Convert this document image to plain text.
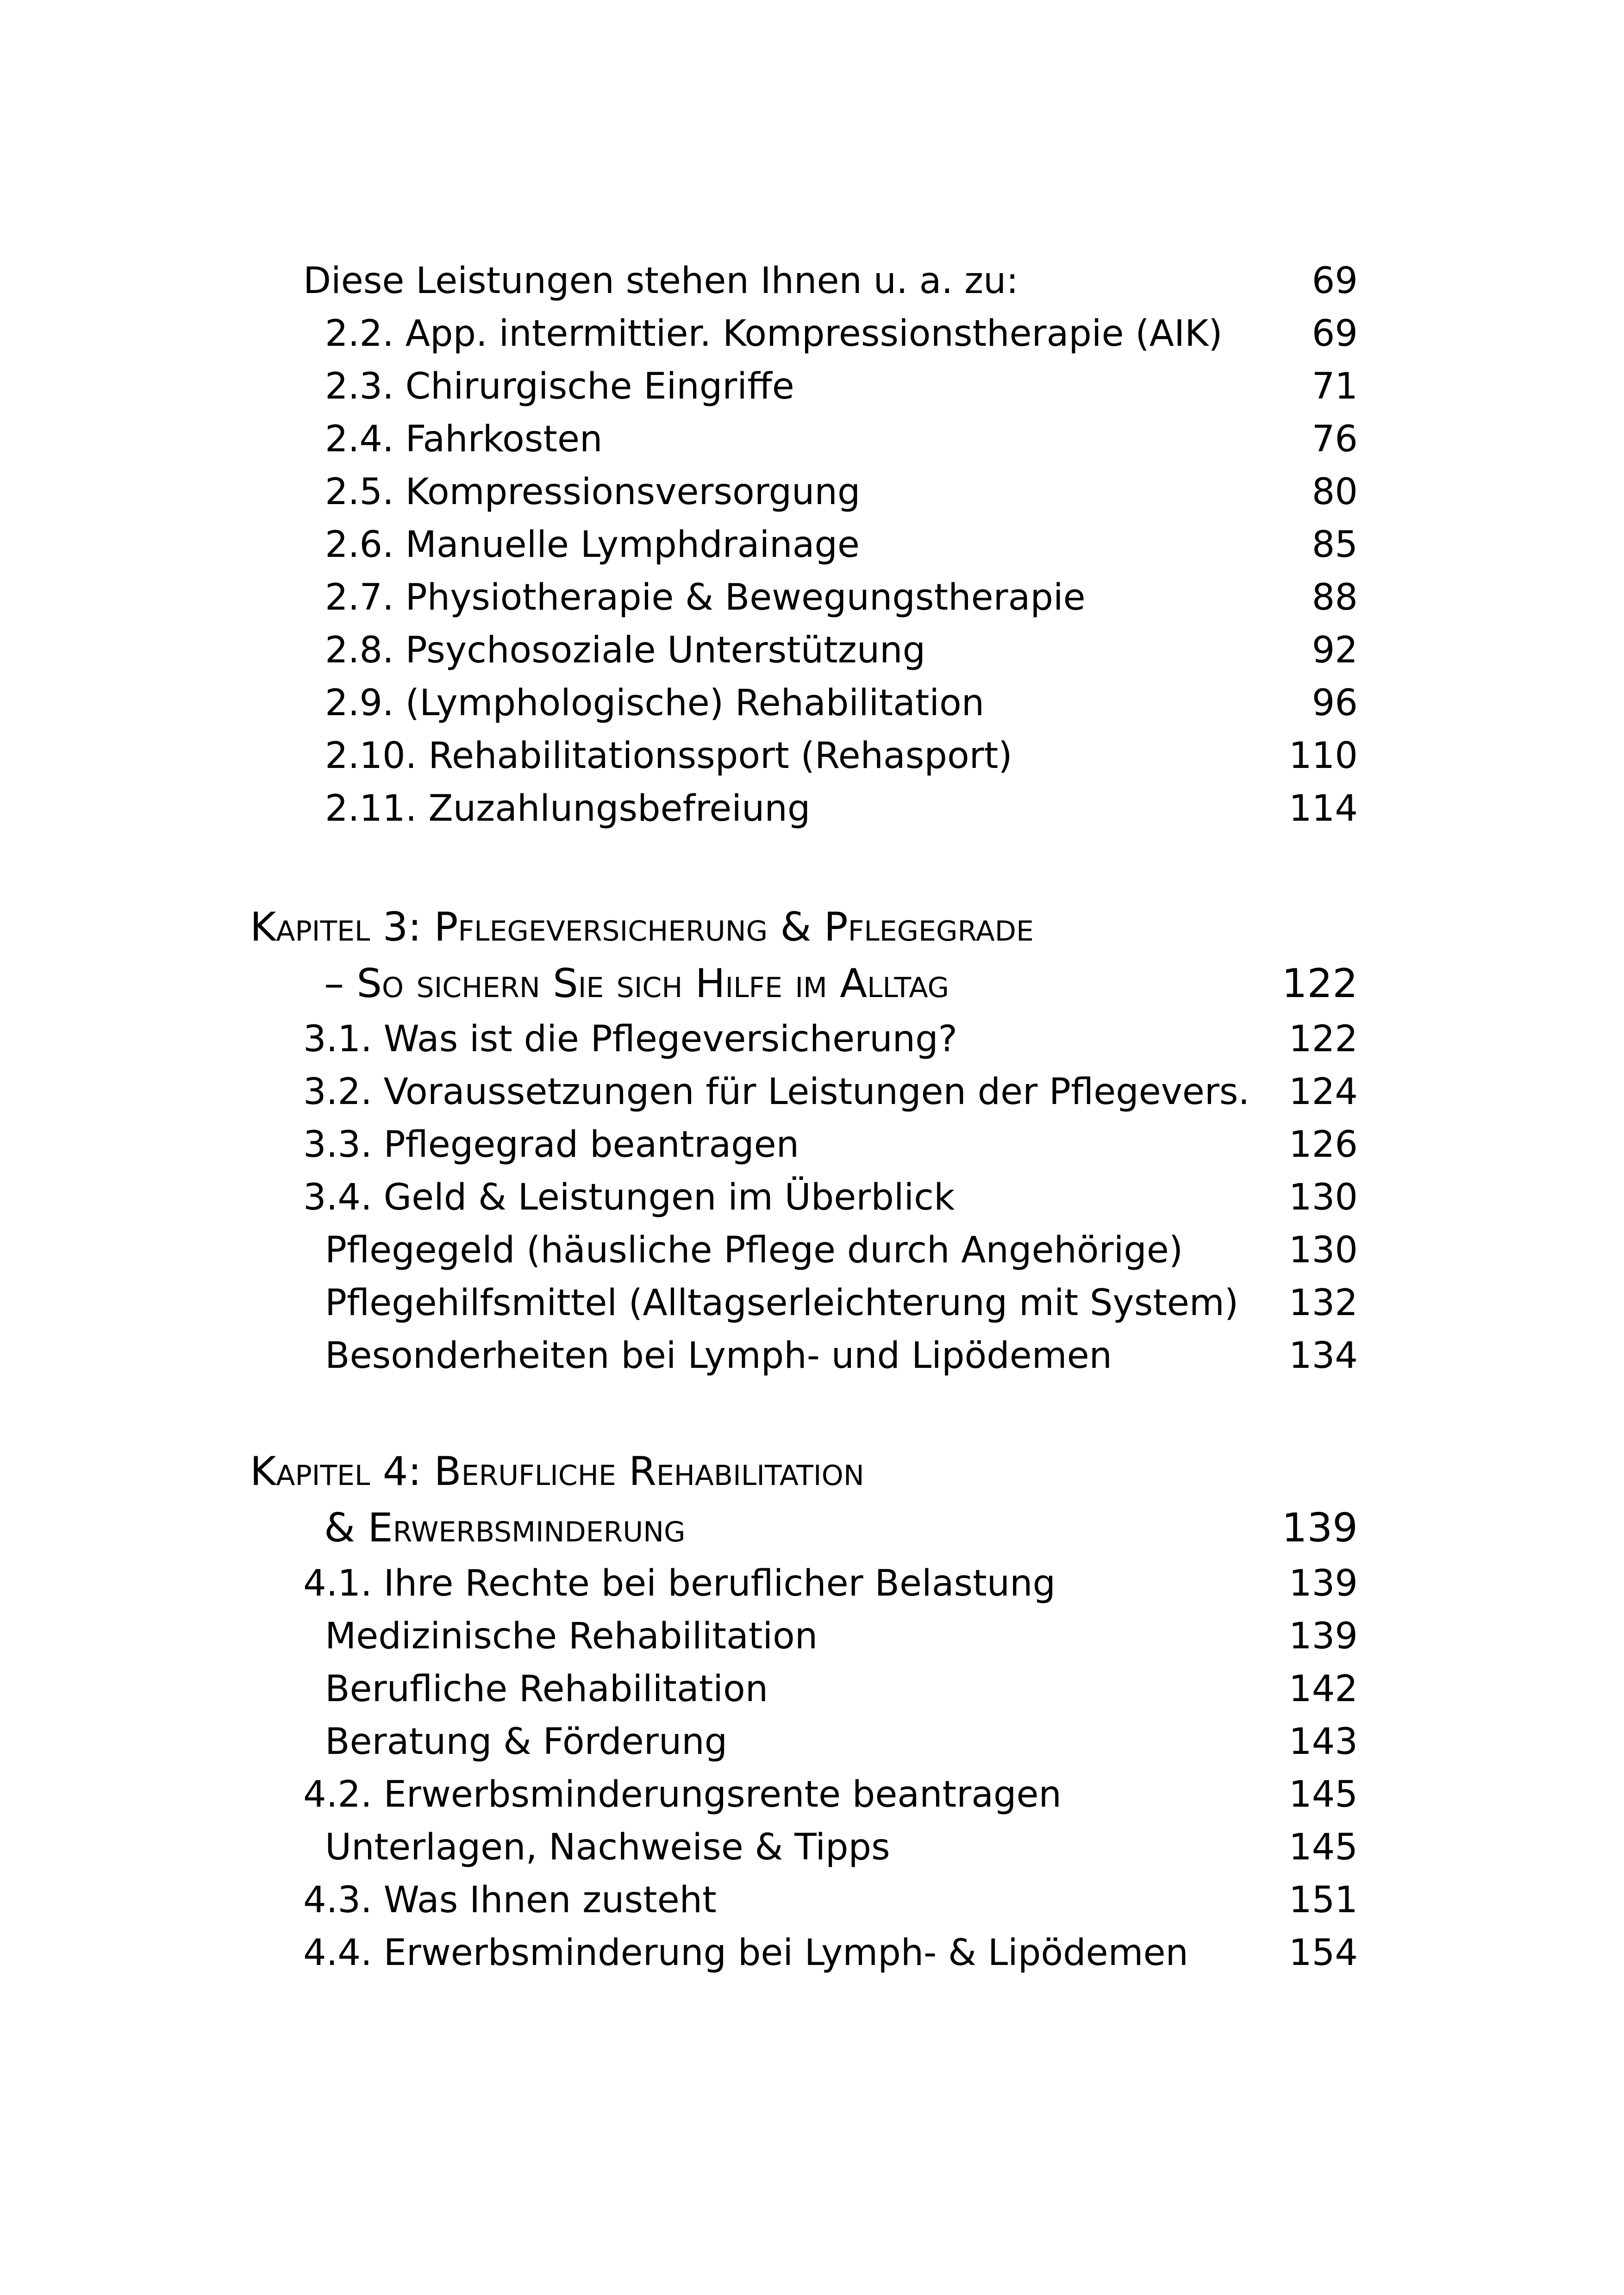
Diese Leistungen stehen Ihnen u. a. zu:	69
2.2. App. intermittier. Kompressionstherapie (AIK) 69
2.3. Chirurgische Eingriffe	71
2.4. Fahrkosten	76
2.5. Kompressionsversorgung	80
2.6. Manuelle Lymphdrainage	85
2.7. Physiotherapie & Bewegungstherapie	88
2.8. Psychosoziale Unterstützung	92
2.9. (Lymphologische) Rehabilitation	96
2.10. Rehabilitationssport (Rehasport)	110
2.11. Zuzahlungsbefreiung	114
Kapitel 3: Pflegeversicherung & Pflegegrade
– So sichern Sie sich Hilfe im Alltag	122
3.1. Was ist die Pflegeversicherung?	122
3.2. Voraussetzungen für Leistungen der Pflegevers. 124
3.3. Pflegegrad beantragen	126
3.4. Geld & Leistungen im Überblick	130
Pflegegeld (häusliche Pflege durch Angehörige)	130
Pflegehilfsmittel (Alltagserleichterung mit System) 132
Besonderheiten bei Lymph- und Lipödemen	134
Kapitel 4: Berufliche Rehabilitation
& Erwerbsminderung	139
4.1. Ihre Rechte bei beruflicher Belastung	139
Medizinische Rehabilitation	139
Berufliche Rehabilitation	142
Beratung & Förderung	143
4.2. Erwerbsminderungsrente beantragen	145
Unterlagen, Nachweise & Tipps	145
4.3. Was Ihnen zusteht	151
4.4. Erwerbsminderung bei Lymph- & Lipödemen	154
